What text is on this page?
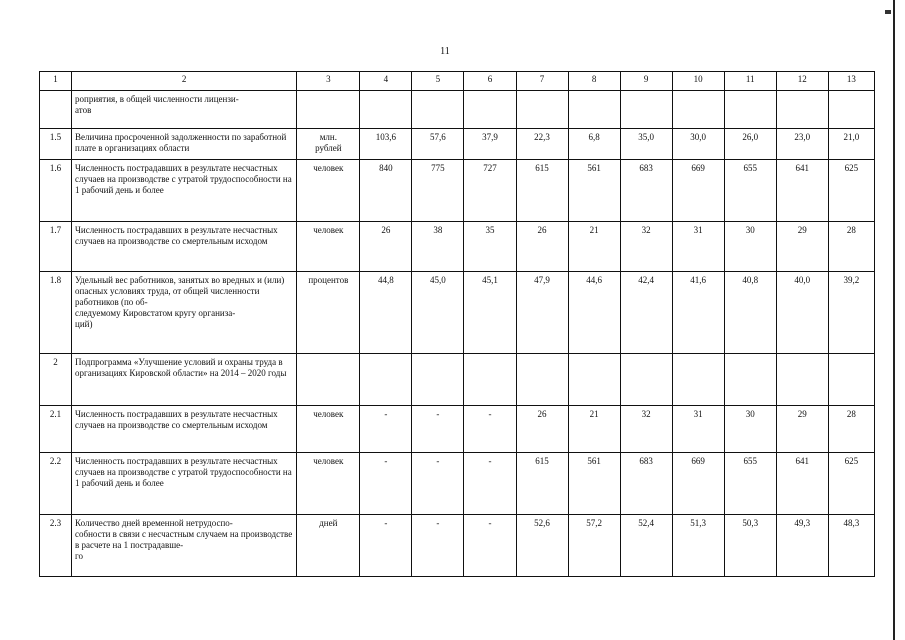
11
1	2	3	4	5	6	7	8	9	10	11	12	13
	роприятия, в общей численности лицензи-
атов											
1.5	Величина просроченной задолженности по заработной плате в организациях области	млн.
рублей	103,6	57,6	37,9	22,3	6,8	35,0	30,0	26,0	23,0	21,0
1.6	Численность пострадавших в результате несчастных случаев на производстве с утратой трудоспособности на 1 рабочий день и более	человек	840	775	727	615	561	683	669	655	641	625
1.7	Численность пострадавших в результате несчастных случаев на производстве со смертельным исходом	человек	26	38	35	26	21	32	31	30	29	28
1.8	Удельный вес работников, занятых во вредных и (или) опасных условиях труда, от общей численности работников (по об-
следуемому Кировстатом кругу организа-
ций)	процентов	44,8	45,0	45,1	47,9	44,6	42,4	41,6	40,8	40,0	39,2
2	Подпрограмма «Улучшение условий и охраны труда в организациях Кировской области» на 2014 – 2020 годы											
2.1	Численность пострадавших в результате несчастных случаев на производстве со смертельным исходом	человек	-	-	-	26	21	32	31	30	29	28
2.2	Численность пострадавших в результате несчастных случаев на производстве с утратой трудоспособности на 1 рабочий день и более	человек	-	-	-	615	561	683	669	655	641	625
2.3	Количество дней временной нетрудоспо-
собности в связи с несчастным случаем на производстве в расчете на 1 пострадавше-
го	дней	-	-	-	52,6	57,2	52,4	51,3	50,3	49,3	48,3
